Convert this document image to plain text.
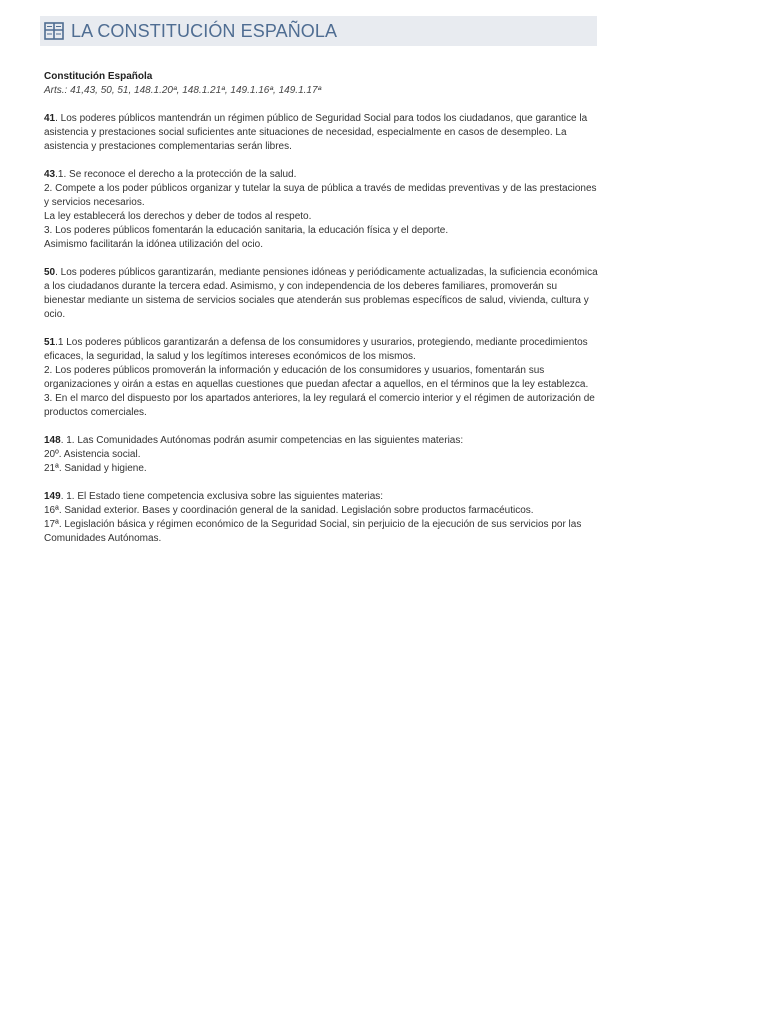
LA CONSTITUCIÓN ESPAÑOLA
Constitución Española
Arts.: 41,43, 50, 51, 148.1.20ª, 148.1.21ª, 149.1.16ª, 149.1.17ª
41. Los poderes públicos mantendrán un régimen público de Seguridad Social para todos los ciudadanos, que garantice la asistencia y prestaciones social suficientes ante situaciones de necesidad, especialmente en casos de desempleo. La asistencia y prestaciones complementarias serán libres.
43.1. Se reconoce el derecho a la protección de la salud.
2. Compete a los poder públicos organizar y tutelar la suya de pública a través de medidas preventivas y de las prestaciones y servicios necesarios.
La ley establecerá los derechos y deber de todos al respeto.
3. Los poderes públicos fomentarán la educación sanitaria, la educación física y el deporte.
Asimismo facilitarán la idónea utilización del ocio.
50. Los poderes públicos garantizarán, mediante pensiones idóneas y periódicamente actualizadas, la suficiencia económica a los ciudadanos durante la tercera edad. Asimismo, y con independencia de los deberes familiares, promoverán su bienestar mediante un sistema de servicios sociales que atenderán sus problemas específicos de salud, vivienda, cultura y ocio.
51.1 Los poderes públicos garantizarán a defensa de los consumidores y usurarios, protegiendo, mediante procedimientos eficaces, la seguridad, la salud y los legítimos intereses económicos de los mismos.
2. Los poderes públicos promoverán la información y educación de los consumidores y usuarios, fomentarán sus organizaciones y oirán a estas en aquellas cuestiones que puedan afectar a aquellos, en el términos que la ley establezca.
3. En el marco del dispuesto por los apartados anteriores, la ley regulará el comercio interior y el régimen de autorización de productos comerciales.
148. 1. Las Comunidades Autónomas podrán asumir competencias en las siguientes materias:
20º. Asistencia social.
21ª. Sanidad y higiene.
149. 1. El Estado tiene competencia exclusiva sobre las siguientes materias:
16ª. Sanidad exterior. Bases y coordinación general de la sanidad. Legislación sobre productos farmacéuticos.
17ª. Legislación básica y régimen económico de la Seguridad Social, sin perjuicio de la ejecución de sus servicios por las Comunidades Autónomas.
